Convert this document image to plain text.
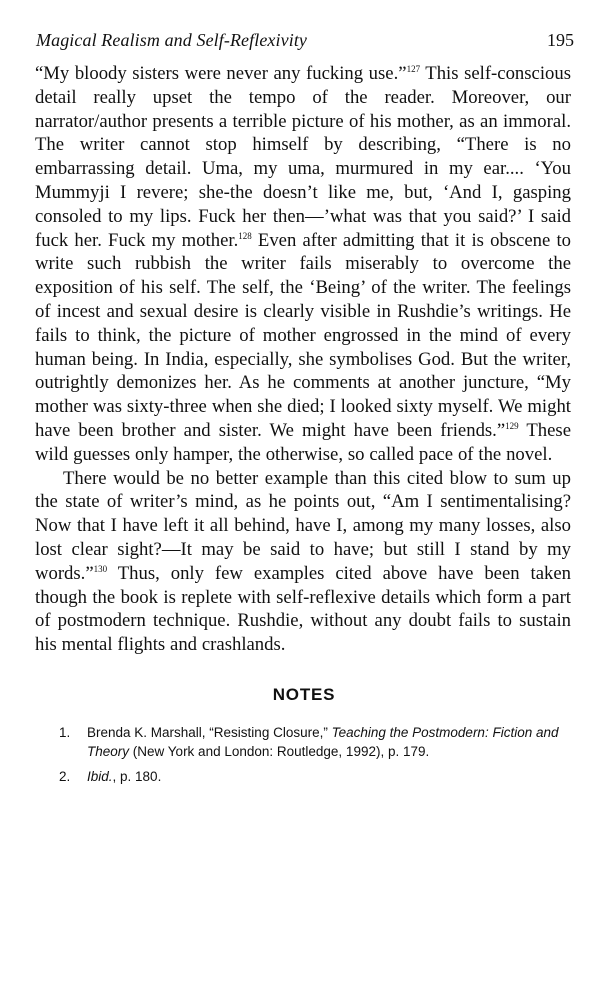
Magical Realism and Self-Reflexivity	195

“My bloody sisters were never any fucking use.”$^{127}$ This self-conscious detail really upset the tempo of the reader. Moreover, our narrator/author presents a terrible picture of his mother, as an immoral. The writer cannot stop himself by describing, “There is no embarrassing detail. Uma, my uma, murmured in my ear.... ‘You Mummyji I revere; she-the doesn’t like me, but, ‘And I, gasping consoled to my lips. Fuck her then—’what was that you said?’ I said fuck her. Fuck my mother.$^{128}$ Even after admitting that it is obscene to write such rubbish the writer fails miserably to overcome the exposition of his self. The self, the ‘Being’ of the writer. The feelings of incest and sexual desire is clearly visible in Rushdie’s writings. He fails to think, the picture of mother engrossed in the mind of every human being. In India, especially, she symbolises God. But the writer, outrightly demonizes her. As he comments at another juncture, “My mother was sixty-three when she died; I looked sixty myself. We might have been brother and sister. We might have been friends.”$^{129}$ These wild guesses only hamper, the otherwise, so called pace of the novel.

There would be no better example than this cited blow to sum up the state of writer’s mind, as he points out, “Am I sentimentalising? Now that I have left it all behind, have I, among my many losses, also lost clear sight?—It may be said to have; but still I stand by my words.”$^{130}$ Thus, only few examples cited above have been taken though the book is replete with self-reflexive details which form a part of postmodern technique. Rushdie, without any doubt fails to sustain his mental flights and crashlands.

NOTES
1. Brenda K. Marshall, “Resisting Closure,” Teaching the Postmodern: Fiction and Theory (New York and London: Routledge, 1992), p. 179.
2. Ibid., p. 180.
